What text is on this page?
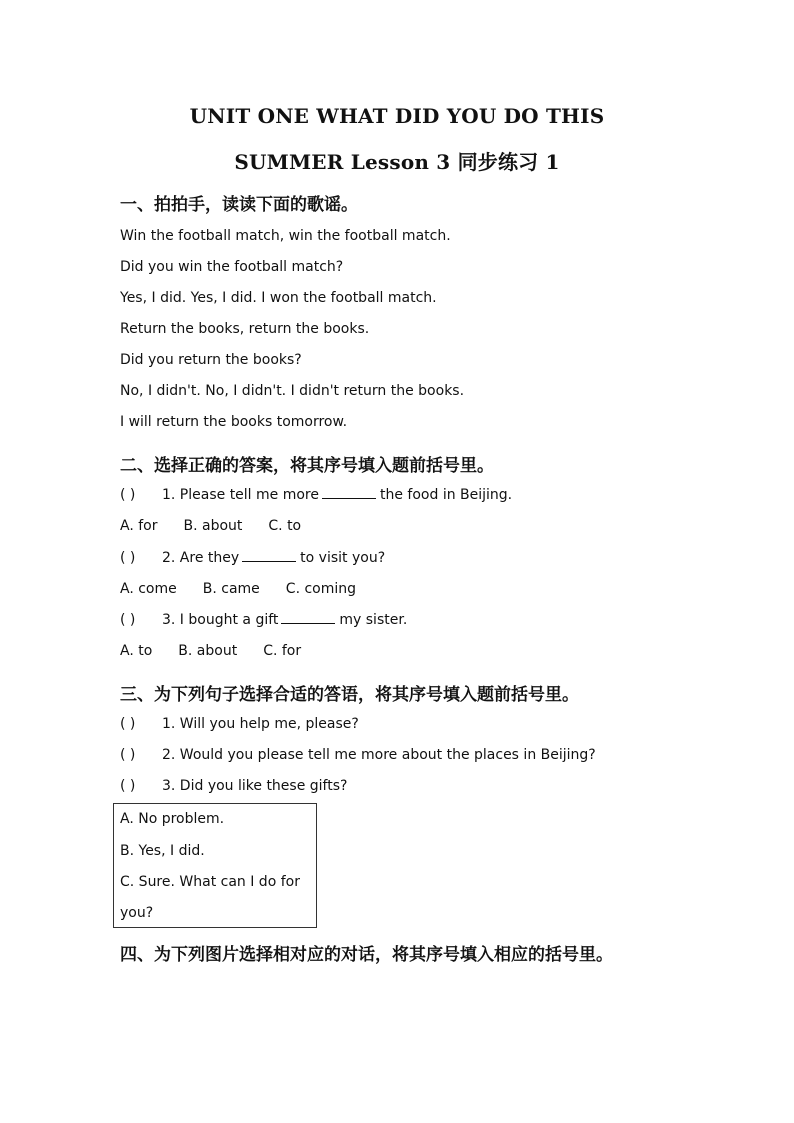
UNIT ONE WHAT DID YOU DO THIS
SUMMER Lesson 3 同步练习 1
一、拍拍手，读读下面的歌谣。
Win the football match, win the football match.
Did you win the football match?
Yes, I did. Yes, I did. I won the football match.
Return the books, return the books.
Did you return the books?
No, I didn't. No, I didn't. I didn't return the books.
I will return the books tomorrow.
二、选择正确的答案，将其序号填入题前括号里。
( ) 1. Please tell me more	the food in Beijing.
A. for B. about C. to
( ) 2. Are they	to visit you?
A. come B. came C. coming
( ) 3. I bought a gift	my sister.
A. to B. about C. for
三、为下列句子选择合适的答语，将其序号填入题前括号里。
( ) 1. Will you help me, please?
( ) 2. Would you please tell me more about the places in Beijing?
( ) 3. Did you like these gifts?
A. No problem.
B. Yes, I did.
C. Sure. What can I do for
you?
四、为下列图片选择相对应的对话，将其序号填入相应的括号里。
